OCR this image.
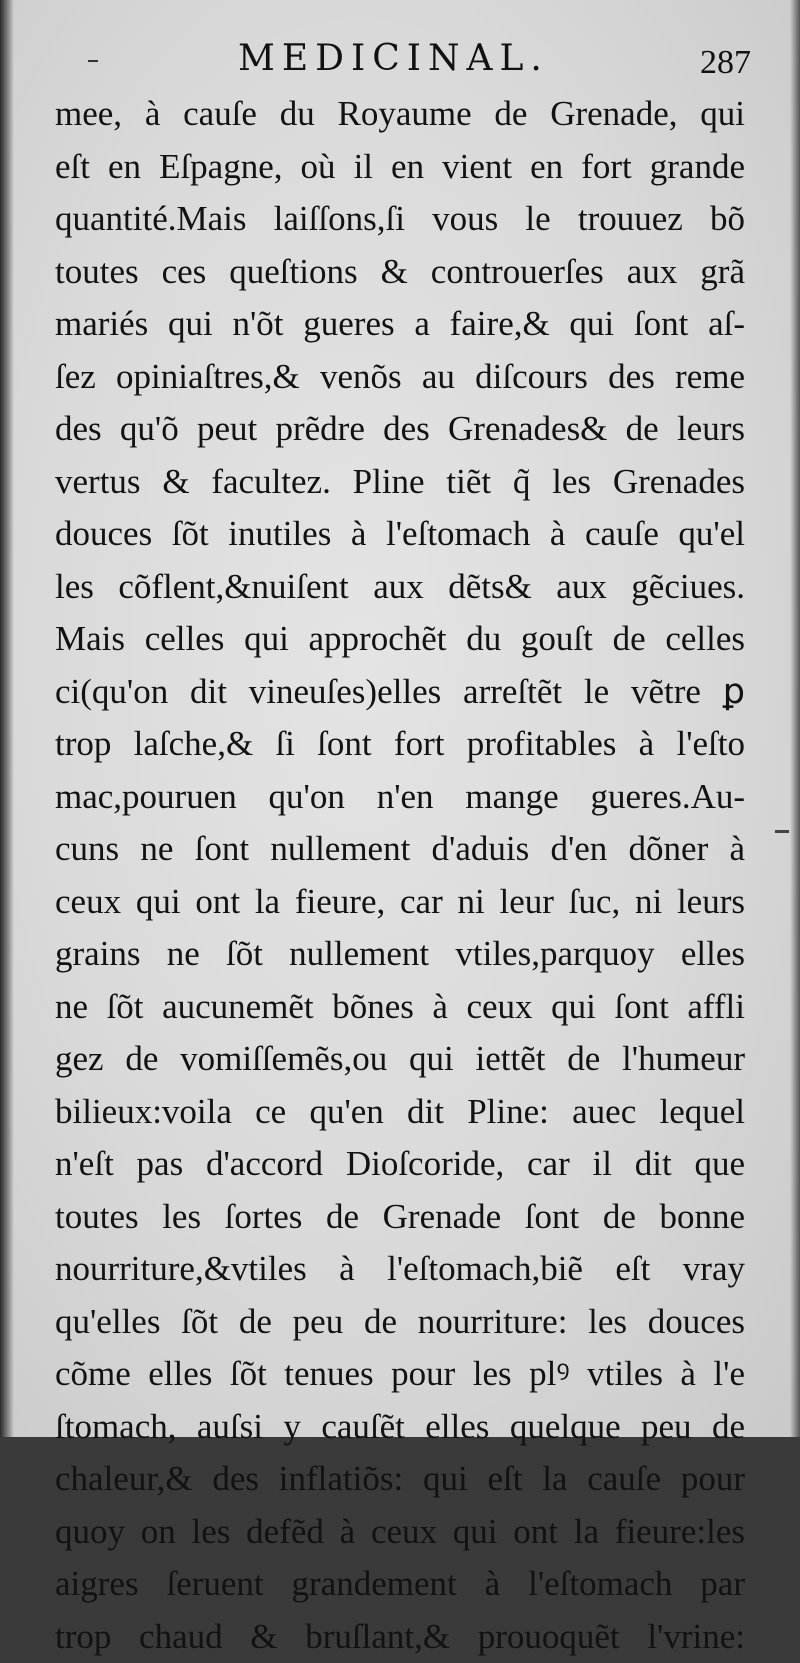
MEDICINAL.	287
mee, à cauſe du Royaume de Grenade, qui
eſt en Eſpagne, où il en vient en fort grande
quantité.Mais laiſſons,ſi vous le trouuez bõ
toutes ces queſtions & controuerſes aux grã
mariés qui n'õt gueres a faire,& qui ſont aſ-
ſez opiniaſtres,& venõs au diſcours des reme
des qu'õ peut prẽdre des Grenades& de leurs
vertus & facultez. Pline tiẽt q̃ les Grenades
douces ſõt inutiles à l'eſtomach à cauſe qu'el
les cõflent,&nuiſent aux dẽts& aux gẽciues.
Mais celles qui approchẽt du gouſt de celles
ci(qu'on dit vineuſes)elles arreſtẽt le vẽtre ꝑ
trop laſche,& ſi ſont fort profitables à l'eſto
mac,pouruen qu'on n'en mange gueres.Au-
cuns ne ſont nullement d'aduis d'en dõner à
ceux qui ont la fieure, car ni leur ſuc, ni leurs
grains ne ſõt nullement vtiles,parquoy elles
ne ſõt aucunemẽt bõnes à ceux qui ſont affli
gez de vomiſſemẽs,ou qui iettẽt de l'humeur
bilieux:voila ce qu'en dit Pline: auec lequel
n'eſt pas d'accord Dioſcoride, car il dit que
toutes les ſortes de Grenade ſont de bonne
nourriture,&vtiles à l'eſtomach,biẽ eſt vray
qu'elles ſõt de peu de nourriture: les douces
cõme elles ſõt tenues pour les plꝰ vtiles à l'e
ſtomach, auſsi y cauſẽt elles quelque peu de
chaleur,& des inflatiõs: qui eſt la cauſe pour
quoy on les defẽd à ceux qui ont la fieure:les
aigres ſeruent grandement à l'eſtomach par
trop chaud & bruſlant,& prouoquẽt l'vrine:
